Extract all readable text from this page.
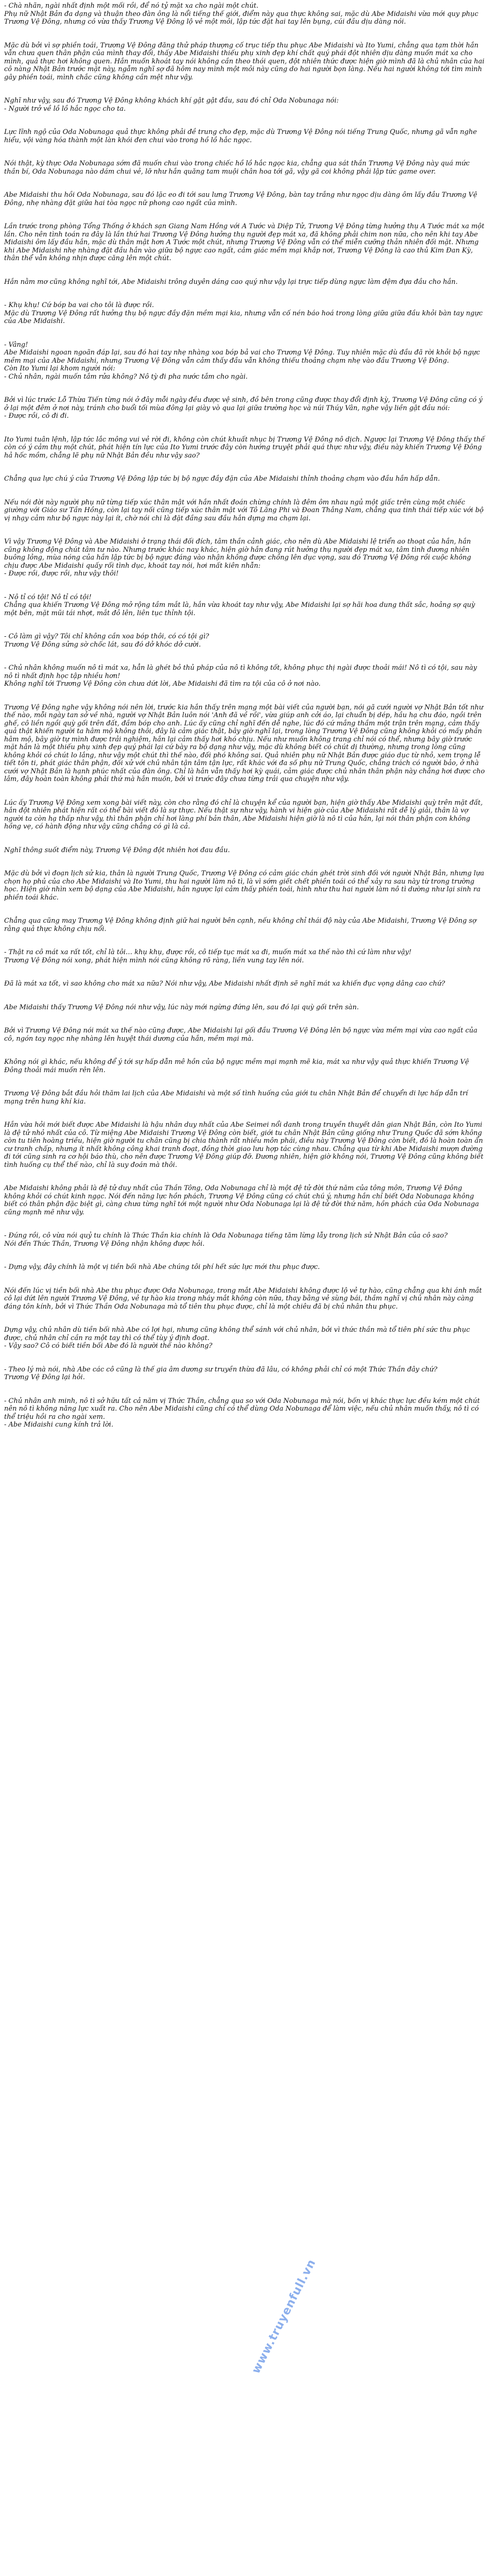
- Chà nhãn, ngài nhất định một mối rồi, để nó tỷ mặt xa cho ngài một chút.
Phụ nữ Nhật Bản đa dạng và thuận theo đàn ông là nổi tiếng thế giới, điểm này qua thực không sai, mặc dù Abe Midaishi vừa mới quy phục Trương Vệ Đông, nhưng có vừa thấy Trương Vệ Đông lộ vẻ một mỏi, lập tức đặt hai tay lên bụng, cúi đầu dịu dàng nói.
Mặc dù bởi vì sợ phiền toái, Trương Vệ Đông đăng thử pháp thượng cố trục tiếp thu phục Abe Midaishi và Ito Yumi, chẳng qua tạm thời hắn vẫn chưa quen thân phận của mình thay đổi, thấy Abe Midaishi thiếu phụ xinh đẹp khí chất quý phái đột nhiên dịu dàng muốn mát xa cho mình, quả thực hơi không quen. Hắn muốn khoát tay nói không cần theo thói quen, đột nhiên thức được hiện giờ mình đã là chủ nhân của hai cô nàng Nhật Bản trước mặt này, ngẫm nghĩ sợ đã hôm nay mình một mỏi này cũng do hai người bọn làng. Nếu hai người không tới tìm mình gây phiền toái, mình chắc cũng không cần mệt như vậy.
Nghĩ như vậy, sau đó Trương Vệ Đông không khách khí gật gật đầu, sau đó chỉ Oda Nobunaga nói:
- Người trở về lồ lồ hắc ngọc cho ta.
Lực lĩnh ngộ của Oda Nobunaga quả thực không phải đề trung cho đẹp, mặc dù Trương Vệ Đông nói tiếng Trung Quốc, nhưng gã vẫn nghe hiểu, vội vàng hóa thành một làn khói đen chui vào trong hồ lồ hắc ngọc.
Nói thật, kỳ thực Oda Nobunaga sớm đã muốn chui vào trong chiếc hồ lồ hắc ngọc kia, chẳng qua sát thần Trương Vệ Đông này quá mức thần bí, Oda Nobunaga nào dám chui vẻ, lỡ như hắn quăng tam muội chân hoa tới gã, vậy gã coi không phải lập tức game over.
Abe Midaishi thu hồi Oda Nobunaga, sau đó lặc eo đi tới sau lưng Trương Vệ Đông, bàn tay trắng như ngọc dịu dàng ôm lấy đầu Trương Vệ Đông, nhẹ nhàng đặt giữa hai tòa ngọc nữ phong cao ngất của mình.
Lần trước trong phòng Tổng Thống ở khách sạn Giang Nam Hồng với A Tước và Diệp Tử, Trương Vệ Đông từng hưởng thụ A Tước mát xa một lần. Cho nên tình toán ra đây là lần thứ hai Trương Vệ Đông hưởng thụ người đẹp mát xa, đã không phải chim non nữa, cho nên khi tay Abe Midaishi ôm lấy đầu hắn, mặc dù thân mật hơn A Tước một chút, nhưng Trương Vệ Đông vẫn có thể miễn cưỡng thản nhiên đối mặt. Nhưng khi Abe Midaishi nhẹ nhàng đặt đầu hắn vào giữa bộ ngực cao ngất, cảm giác mềm mại khắp nơi, Trương Vệ Đông là cao thủ Kim Đan Kỳ, thân thể vẫn không nhịn được căng lên một chút.
Hắn nằm mơ cũng không nghĩ tới, Abe Midaishi trông duyên dáng cao quý như vậy lại trực tiếp dùng ngực làm đệm đựa đầu cho hắn.
- Khụ khụ! Cứ bóp ba vai cho tôi là được rồi.
Mặc dù Trương Vệ Đông rất hưởng thụ bộ ngực đầy đặn mềm mại kia, nhưng vẫn cố nén báo hoá trong lòng giữa giữa đầu khỏi bàn tay ngực của Abe Midaishi.
- Vâng!
Abe Midaishi ngoan ngoãn đáp lại, sau đó hai tay nhẹ nhàng xoa bóp bả vai cho Trương Vệ Đông. Tuy nhiên mặc dù đầu đã rời khỏi bộ ngực mềm mại của Abe Midaishi, nhưng Trương Vệ Đông vẫn cảm thấy đầu vẫn không thiếu thoảng chạm nhẹ vào đầu Trương Vệ Đông.
Còn Ito Yumi lại khom người nói:
- Chủ nhân, ngài muốn tắm rửa không? Nô tỳ đi pha nước tắm cho ngài.
Bởi vì lúc trước Lỗ Thừa Tiến từng nói ở đây mỗi ngày đều được vệ sinh, đồ bên trong cũng được thay đổi định kỳ, Trương Vệ Đông cũng có ý ở lại một đêm ở nơi này, tránh cho buổi tối mùa đông lại giày vò qua lại giữa trường học và núi Thúy Vân, nghe vậy liền gật đầu nói:
- Được rồi, cô đi đi.
Ito Yumi tuân lệnh, lập tức lắc mông vui vẻ rời đi, không còn chút khuất nhục bị Trương Vệ Đông nô dịch. Ngược lại Trương Vệ Đông thấy thế còn có ý cảm thụ một chút, phát hiện tín lực của Ito Yumi trước đây còn hướng truyệt phải quá thực như vậy, điều này khiến Trương Vệ Đông hả hốc mồm, chẳng lẽ phụ nữ Nhật Bản đều như vậy sao?
Chẳng qua lực chú ý của Trương Vệ Đông lập tức bị bộ ngực đầy đặn của Abe Midaishi thỉnh thoảng chạm vào đầu hắn hấp dẫn.
Nếu nói đời này người phụ nữ từng tiếp xúc thân mật với hắn nhất đoán chừng chính là đêm ôm nhau ngủ một giấc trên cùng một chiếc giường với Giáo sư Tần Hồng, còn lại tay nối cũng tiếp xúc thân mật với Tô Lăng Phi và Đoan Thắng Nam, chẳng qua tinh thái tiếp xúc với bộ vị nhạy cảm như bộ ngực này lại ít, chờ nói chi là đặt đầng sau đầu hắn dựng ma chạm lại.
Vì vậy Trương Vệ Đông và Abe Midaishi ở trạng thái đối đích, tâm thần cảnh giác, cho nên dù Abe Midaishi lệ triển ao thoạt của hắn, hắn cũng không động chút tâm tư nào. Nhưng trước khác nay khác, hiện giờ hắn đang rút hưởng thụ người đẹp mát xa, tâm tình đương nhiên buông lỏng, mùa nóng của hắn lập tức bị bộ ngực đáng vào nhận không được chồng lên dục vọng, sau đó Trương Vệ Đông rồi cuộc không chịu được Abe Midaishi quấy rối tình dục, khoát tay nói, hơi mất kiên nhẫn:
- Được rồi, được rồi, như vậy thôi!
- Nô tỉ có tội! Nô tỉ có tội!
Chẳng qua khiến Trương Vệ Đông mở rộng tầm mắt là, hắn vừa khoát tay như vậy, Abe Midaishi lại sợ hãi hoa dung thất sắc, hoảng sợ quỳ một bên, mặt mũi tái nhợt, mắt đỏ lên, liên tục thỉnh tội.
- Cô làm gì vậy? Tôi chỉ không cần xoa bóp thôi, có có tội gì?
Trương Vệ Đông sửng sờ chốc lát, sau đó dở khóc dở cười.
- Chủ nhân không muốn nô tì mát xa, hẳn là ghét bỏ thủ pháp của nô tì không tốt, không phục thị ngài được thoải mái! Nô tì có tội, sau này nô tì nhất định học tập nhiều hơn!
Không nghĩ tới Trương Vệ Đông còn chưa dứt lời, Abe Midaishi đã tìm ra tội của cô ở nơi nào.
Trương Vệ Đông nghe vậy không nói nên lời, trước kia hắn thấy trên mạng một bài viết của người bạn, nói gã cưới người vợ Nhật Bản tốt như thế nào, mỗi ngày tan sở về nhà, người vợ Nhật Bản luôn nói 'Anh đã về rồi', vừa giúp anh cởi áo, lại chuẩn bị dép, hầu hạ chu đáo, ngồi trên ghế, cô liền ngồi quỳ gối trên đất, đầm bóp cho anh. Lúc ấy cũng chỉ nghĩ đến dễ nghe, lúc đó cứ mắng thầm một trận trên mạng, cảm thấy quả thật khiến người ta hâm mộ không thôi, đây là cảm giác thật, bây giờ nghĩ lại, trong lòng Trương Vệ Đông cũng không khỏi có mấy phần hâm mộ, bây giờ tự mình được trải nghiệm, hắn lại cảm thấy hơi khó chịu. Nếu như muốn không trang chỉ nói có thể, nhưng bây giờ trước mặt hắn là một thiếu phụ xinh đẹp quý phái lại cứ bày ra bộ dạng như vậy, mặc dù không biết có chút dị thường, nhưng trong lòng cũng không khỏi có chút lo lắng, như vậy một chút thì thế nào, đối phó không sai. Quả nhiên phụ nữ Nhật Bản được giáo dục từ nhỏ, xem trọng lễ tiết tôn ti, phát giác thân phận, đối xử với chủ nhân tận tâm tận lực, rất khác với đa số phụ nữ Trung Quốc, chẳng trách có người bảo, ở nhà cưới vợ Nhật Bản là hạnh phúc nhất của đàn ông. Chỉ là hắn vẫn thấy hơi kỳ quái, cảm giác được chủ nhân thân phận này chẳng hơi được cho lắm, đây hoàn toàn không phải thứ mà hắn muốn, bởi vì trước đây chưa từng trải qua chuyện như vậy.
Lúc ấy Trương Vệ Đông xem xong bài viết này, còn cho rằng đó chỉ là chuyện kể của người bạn, hiện giờ thấy Abe Midaishi quỳ trên mặt đất, hắn đột nhiên phát hiện rất có thể bài viết đó là sự thực. Nếu thật sự như vậy, hành vi hiện giờ của Abe Midaishi rất dễ lý giải, thân là vợ người ta còn hạ thấp như vậy, thì thân phận chỉ hơi làng phí bản thân, Abe Midaishi hiện giờ là nô tì của hắn, lại nói thân phận con không hồng vẹ, có hành động như vậy cũng chẳng có gì là cả.
Nghĩ thông suốt điểm này, Trương Vệ Đông đột nhiên hơi đau đầu.
Mặc dù bởi vì đoạn lịch sử kia, thân là người Trung Quốc, Trương Vệ Đông có cảm giác chán ghét trời sinh đối với người Nhật Bản, nhưng lựa chọn họ phủ của cho Abe Midaishi và Ito Yumi, thu hai người làm nô tì, là vì sớm giết chết phiền toái có thể xảy ra sau này từ trong trường học. Hiện giờ nhìn xem bộ dạng của Abe Midaishi, hắn ngược lại cảm thấy phiền toái, hình như thu hai người làm nô tì dường như lại sinh ra phiền toái khác.
Chẳng qua cũng may Trương Vệ Đông không định giữ hai người bên cạnh, nếu không chỉ thái độ này của Abe Midaishi, Trương Vệ Đông sợ rằng quả thực không chịu nổi.
- Thật ra cô mát xa rất tốt, chỉ là tôi… khụ khụ, được rồi, cô tiếp tục mát xa đi, muốn mát xa thế nào thì cứ làm như vậy!
Trương Vệ Đông nói xong, phát hiện mình nói cũng không rõ ràng, liền vung tay lên nói.
Đã là mát xa tốt, vì sao không cho mát xa nữa? Nói như vậy, Abe Midaishi nhất định sẽ nghĩ mát xa khiến đục vọng dâng cao chứ?
Abe Midaishi thấy Trương Vệ Đông nói như vậy, lúc này mới ngừng đứng lên, sau đó lại quỳ gối trên sàn.
Bởi vì Trương Vệ Đông nói mát xa thế nào cũng được, Abe Midaishi lại gối đầu Trương Vệ Đông lên bộ ngực vừa mềm mại vừa cao ngất của cô, ngón tay ngọc nhẹ nhàng lên huyệt thái dương của hắn, mềm mại mà.
Không nói gì khác, nếu không để ý tới sự hấp dẫn mê hồn của bộ ngực mềm mại mạnh mẽ kia, mát xa như vậy quả thực khiến Trương Vệ Đông thoải mái muốn rên lên.
Trương Vệ Đông bắt đầu hỏi thăm lai lịch của Abe Midaishi và một số tình huống của giới tu chân Nhật Bản để chuyển di lực hấp dẫn trí mạng trên hung khí kia.
Hắn vừa hỏi mới biết được Abe Midaishi là hậu nhân duy nhất của Abe Seimei nổi danh trong truyền thuyết dân gian Nhật Bản, còn Ito Yumi là đệ tử nhỏ nhất của cô. Từ miệng Abe Midaishi Trương Vệ Đông còn biết, giới tu chân Nhật Bản cũng giống như Trung Quốc đã sớm không còn tu tiên hoàng triều, hiện giờ người tu chân cũng bị chia thành rất nhiều môn phái, điều này Trương Vệ Đông còn biết, đó là hoàn toàn ẩn cư tranh chấp, nhưng ít nhất không công khai tranh đoạt, đồng thời giao lưu hợp tác cùng nhau. Chẳng qua từ khi Abe Midaishi mượn đường đi tới cũng sinh ra cơ hội báo thù, cho nên được Trương Vệ Đông giúp đỡ. Đương nhiên, hiện giờ không nói, Trương Vệ Đông cũng không biết tình huống cụ thể thế nào, chỉ là suy đoán mà thôi.
Abe Midaishi không phải là đệ tử duy nhất của Thần Tông, Oda Nobunaga chỉ là một đệ tử đời thứ năm của tông môn, Trương Vệ Đông không khỏi có chút kinh ngạc. Nói đến năng lực hồn phách, Trương Vệ Đông cũng có chút chú ý, nhưng hắn chỉ biết Oda Nobunaga không biết có thân phận đặc biệt gì, càng chưa từng nghĩ tới một người như Oda Nobunaga lại là đệ tử đời thứ năm, hồn phách của Oda Nobunaga cũng mạnh mẽ như vậy.
- Đúng rồi, cô vừa nói quỷ tu chính là Thức Thần kia chính là Oda Nobunaga tiếng tăm lừng lẫy trong lịch sử Nhật Bản của cô sao?
Nói đến Thức Thần, Trương Vệ Đông nhận không được hỏi.
- Dựng vậy, đây chính là một vị tiền bối nhà Abe chúng tôi phí hết sức lực mới thu phục được.
Nói đến lúc vị tiền bối nhà Abe thu phục được Oda Nobunaga, trong mắt Abe Midaishi không được lộ vẻ tự hào, cũng chẳng qua khi ánh mắt cô lại dứt lên người Trương Vệ Đông, vẻ tự hào kia trong nháy mắt không còn nữa, thay bằng vẻ sùng bái, thầm nghĩ vị chủ nhân này càng đáng tôn kính, bởi vì Thức Thần Oda Nobunaga mà tổ tiên thu phục được, chỉ là một chiêu đã bị chủ nhân thu phục.
Dựng vậy, chủ nhân dù tiền bối nhà Abe có lợi hại, nhưng cũng không thể sánh với chủ nhân, bởi vì thức thần mà tổ tiên phí sức thu phục được, chủ nhân chỉ cần ra một tay thì có thể tùy ý định đoạt.
- Vậy sao? Cô có biết tiền bối Abe đó là người thế nào không?
- Theo lý mà nói, nhà Abe các cô cũng là thế gia âm dương sư truyền thừa đã lâu, có không phải chỉ có một Thức Thần đây chứ?
Trương Vệ Đông lại hỏi.
- Chủ nhân anh minh, nô tì sở hữu tất cả năm vị Thức Thần, chẳng qua so với Oda Nobunaga mà nói, bốn vị khác thực lực đều kém một chút nên nô tì không năng lực xuất ra. Cho nên Abe Midaishi cũng chỉ có thể dùng Oda Nobunaga để làm việc, nếu chủ nhân muốn thấy, nô tì có thể triệu hồi ra cho ngài xem.
- Abe Midaishi cung kính trả lời.
www.truyenfull.vn
